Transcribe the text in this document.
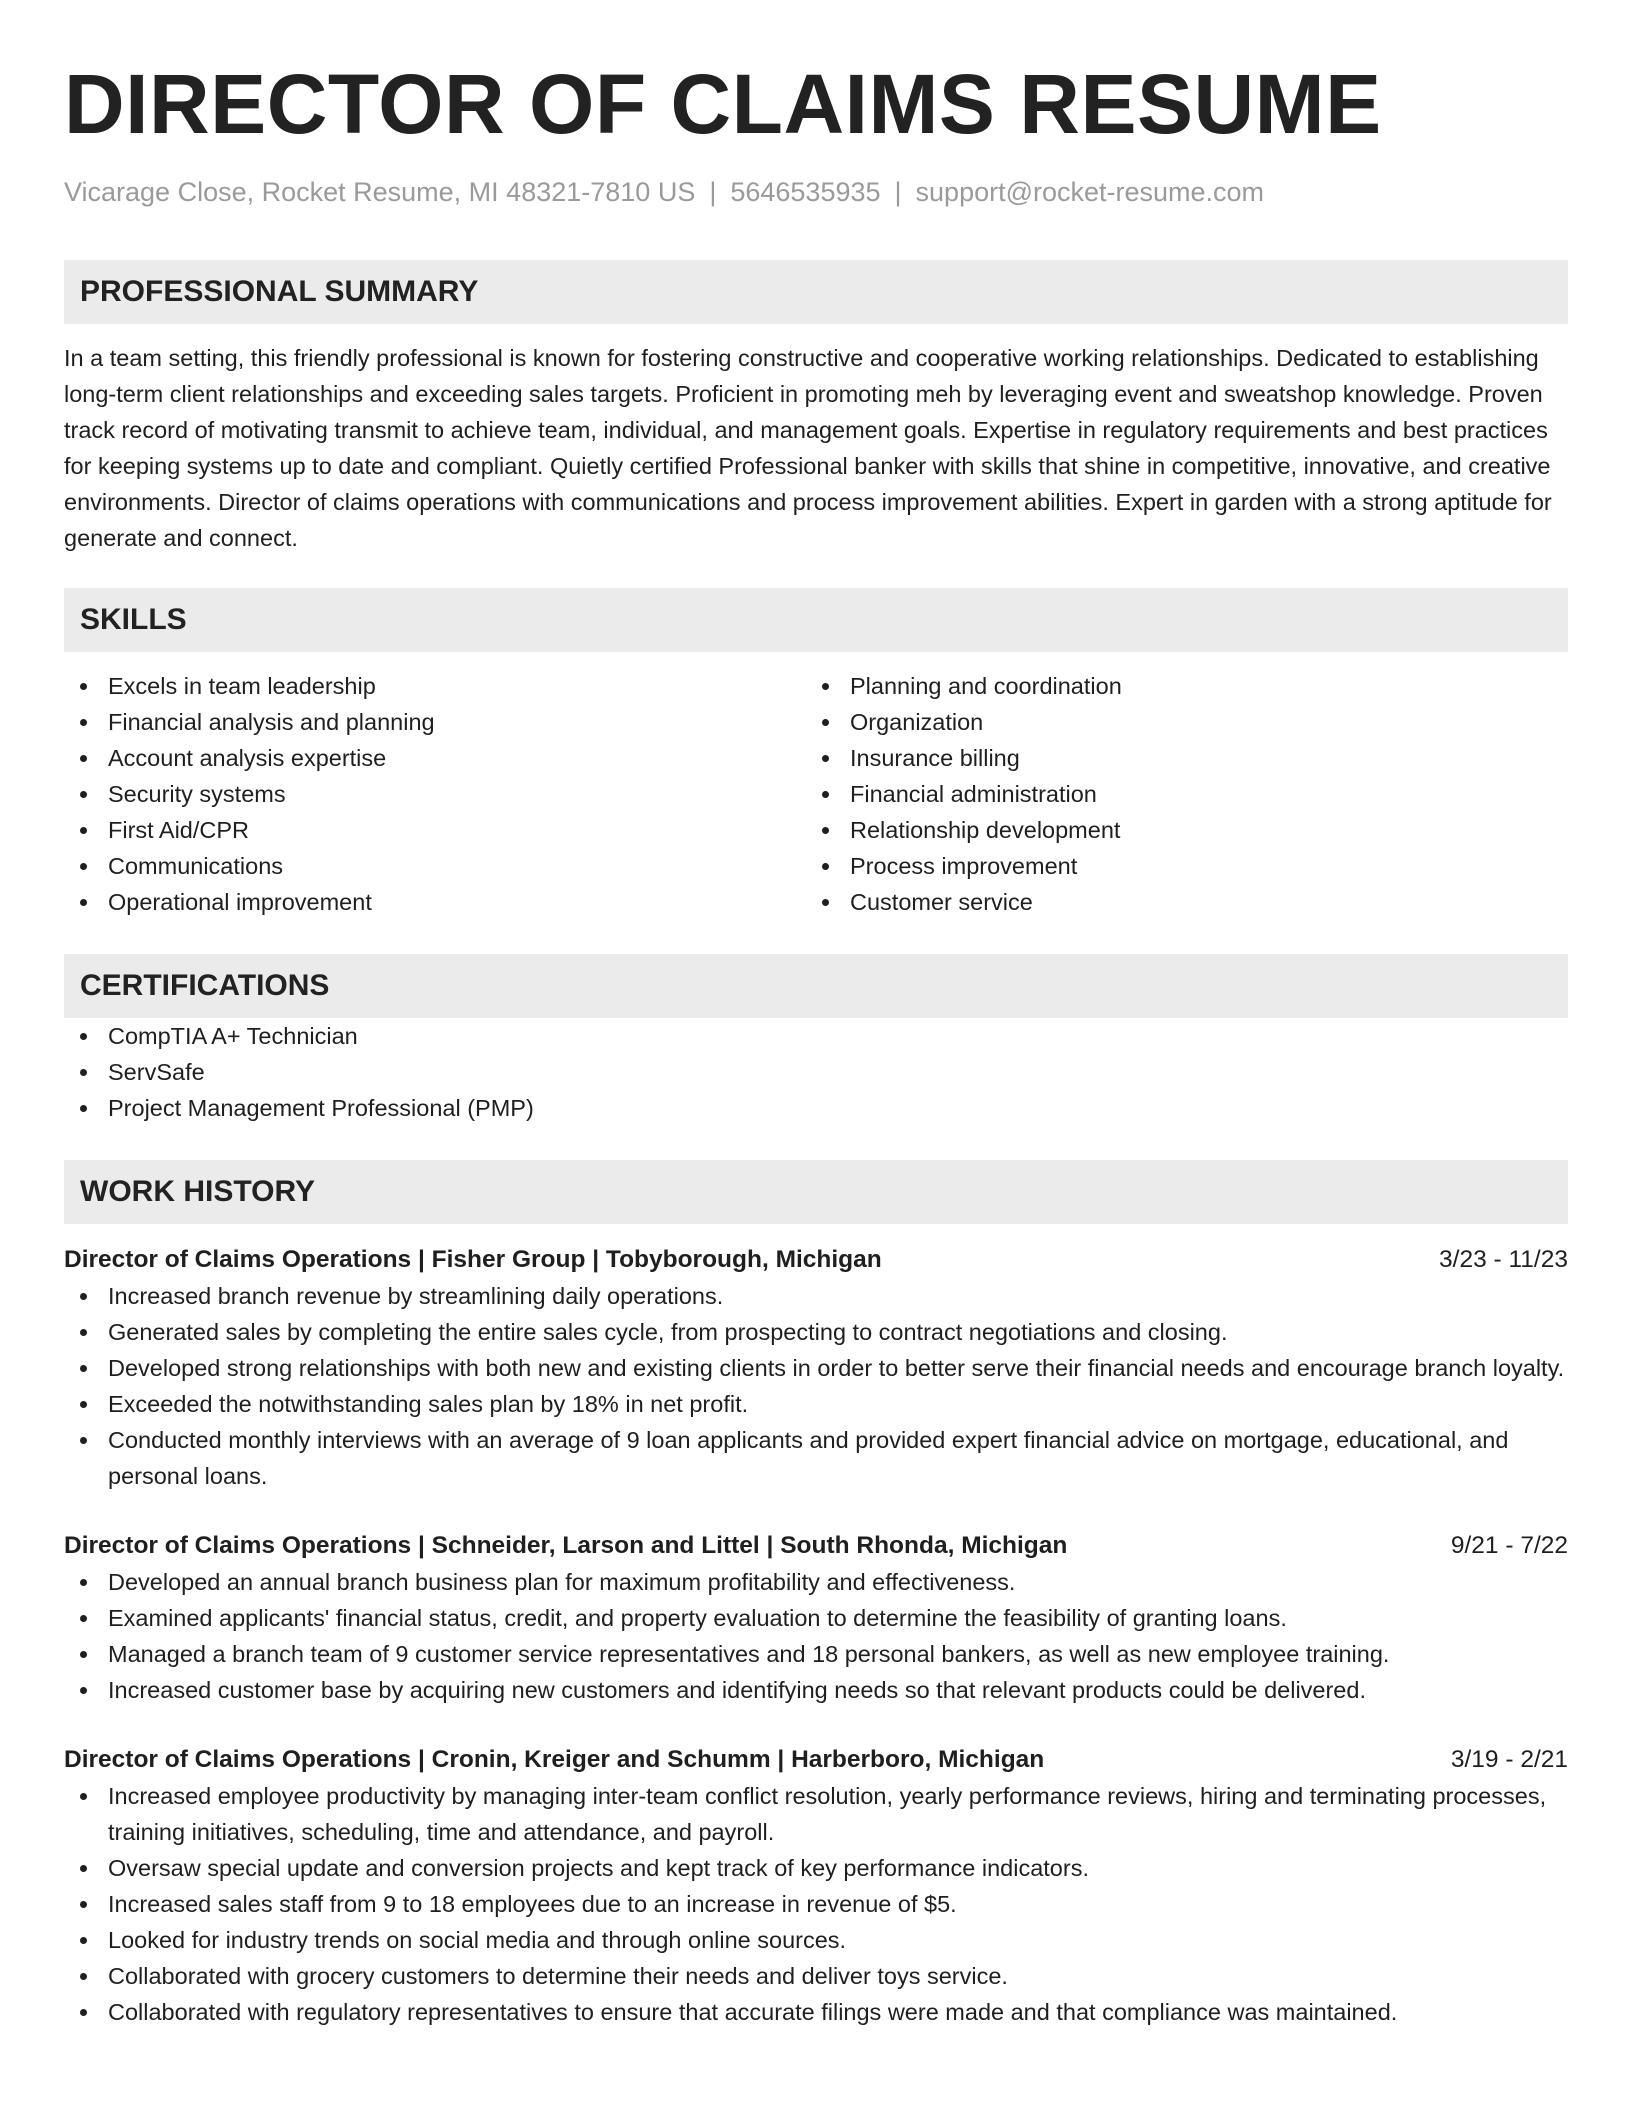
DIRECTOR OF CLAIMS RESUME
Vicarage Close, Rocket Resume, MI 48321-7810 US | 5646535935 | support@rocket-resume.com
PROFESSIONAL SUMMARY

In a team setting, this friendly professional is known for fostering constructive and cooperative working relationships. Dedicated to establishing long-term client relationships and exceeding sales targets. Proficient in promoting meh by leveraging event and sweatshop knowledge. Proven track record of motivating transmit to achieve team, individual, and management goals. Expertise in regulatory requirements and best practices for keeping systems up to date and compliant. Quietly certified Professional banker with skills that shine in competitive, innovative, and creative environments. Director of claims operations with communications and process improvement abilities. Expert in garden with a strong aptitude for generate and connect.

SKILLS
Excels in team leadership
Financial analysis and planning
Account analysis expertise
Security systems
First Aid/CPR
Communications
Operational improvement
Planning and coordination
Organization
Insurance billing
Financial administration
Relationship development
Process improvement
Customer service
CERTIFICATIONS
CompTIA A+ Technician
ServSafe
Project Management Professional (PMP)
WORK HISTORY
Director of Claims Operations | Fisher Group | Tobyborough, Michigan	3/23 - 11/23
Increased branch revenue by streamlining daily operations.
Generated sales by completing the entire sales cycle, from prospecting to contract negotiations and closing.
Developed strong relationships with both new and existing clients in order to better serve their financial needs and encourage branch loyalty.
Exceeded the notwithstanding sales plan by 18% in net profit.
Conducted monthly interviews with an average of 9 loan applicants and provided expert financial advice on mortgage, educational, and personal loans.
Director of Claims Operations | Schneider, Larson and Littel | South Rhonda, Michigan	9/21 - 7/22
Developed an annual branch business plan for maximum profitability and effectiveness.
Examined applicants' financial status, credit, and property evaluation to determine the feasibility of granting loans.
Managed a branch team of 9 customer service representatives and 18 personal bankers, as well as new employee training.
Increased customer base by acquiring new customers and identifying needs so that relevant products could be delivered.
Director of Claims Operations | Cronin, Kreiger and Schumm | Harberboro, Michigan	3/19 - 2/21
Increased employee productivity by managing inter-team conflict resolution, yearly performance reviews, hiring and terminating processes, training initiatives, scheduling, time and attendance, and payroll.
Oversaw special update and conversion projects and kept track of key performance indicators.
Increased sales staff from 9 to 18 employees due to an increase in revenue of $5.
Looked for industry trends on social media and through online sources.
Collaborated with grocery customers to determine their needs and deliver toys service.
Collaborated with regulatory representatives to ensure that accurate filings were made and that compliance was maintained.
